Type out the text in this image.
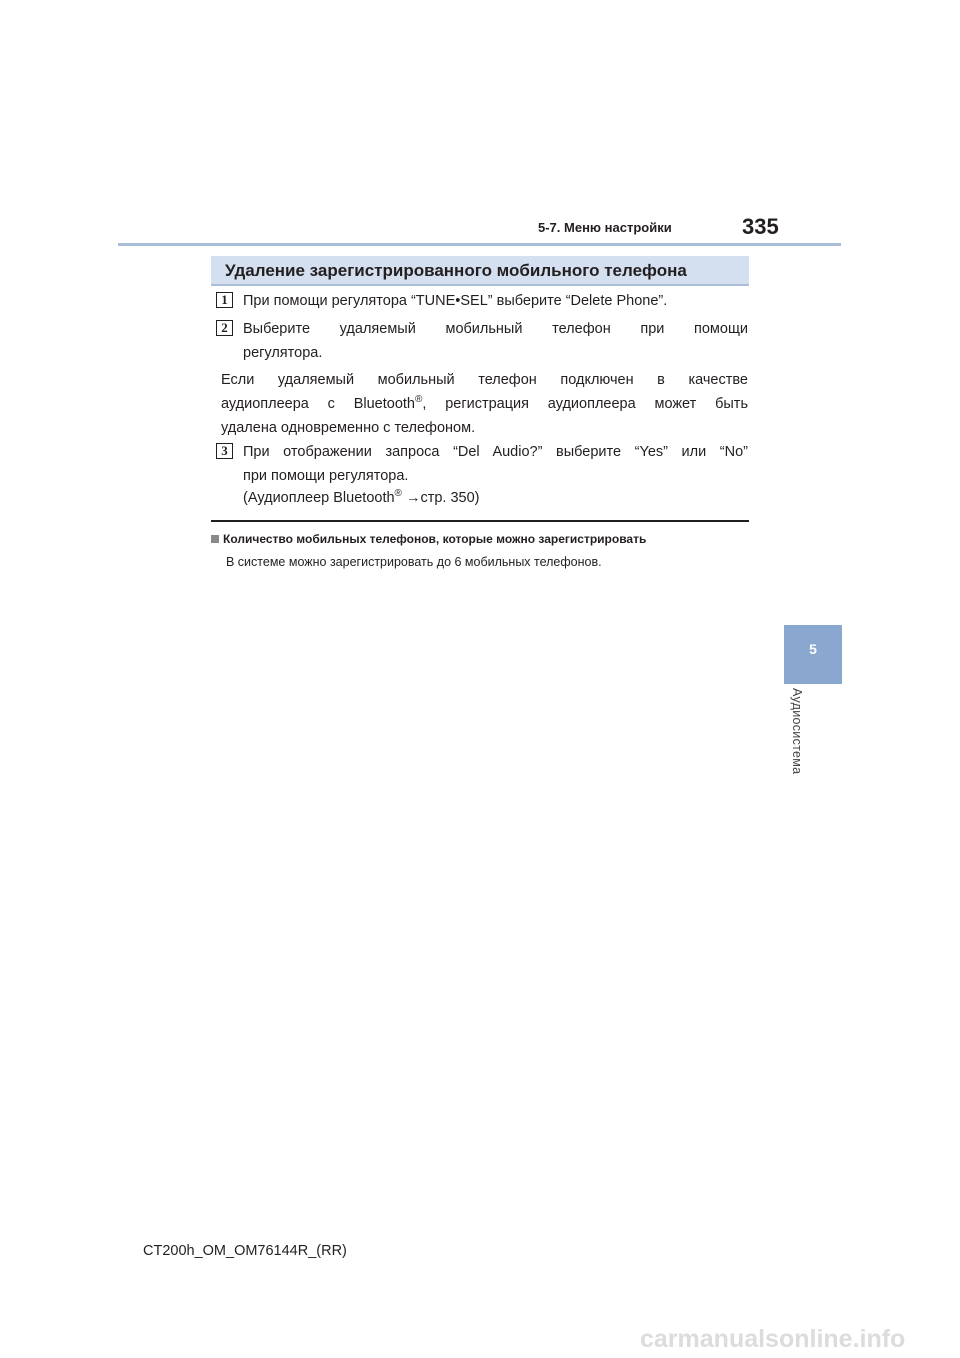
5-7. Меню настройки	335
5
Аудиосистема
Удаление зарегистрированного мобильного телефона
1	При помощи регулятора “TUNE•SEL” выберите “Delete Phone”.
2	Выберите удаляемый мобильный телефон при помощи
регулятора.
Если удаляемый мобильный телефон подключен в качестве
аудиоплеера с Bluetooth®, регистрация аудиоплеера может быть
удалена одновременно с телефоном.
3	При отображении запроса “Del Audio?” выберите “Yes” или “No”
при помощи регулятора.
(Аудиоплеер Bluetooth® →стр. 350)
Количество мобильных телефонов, которые можно зарегистрировать
В системе можно зарегистрировать до 6 мобильных телефонов.
CT200h_OM_OM76144R_(RR)
carmanualsonline.info
